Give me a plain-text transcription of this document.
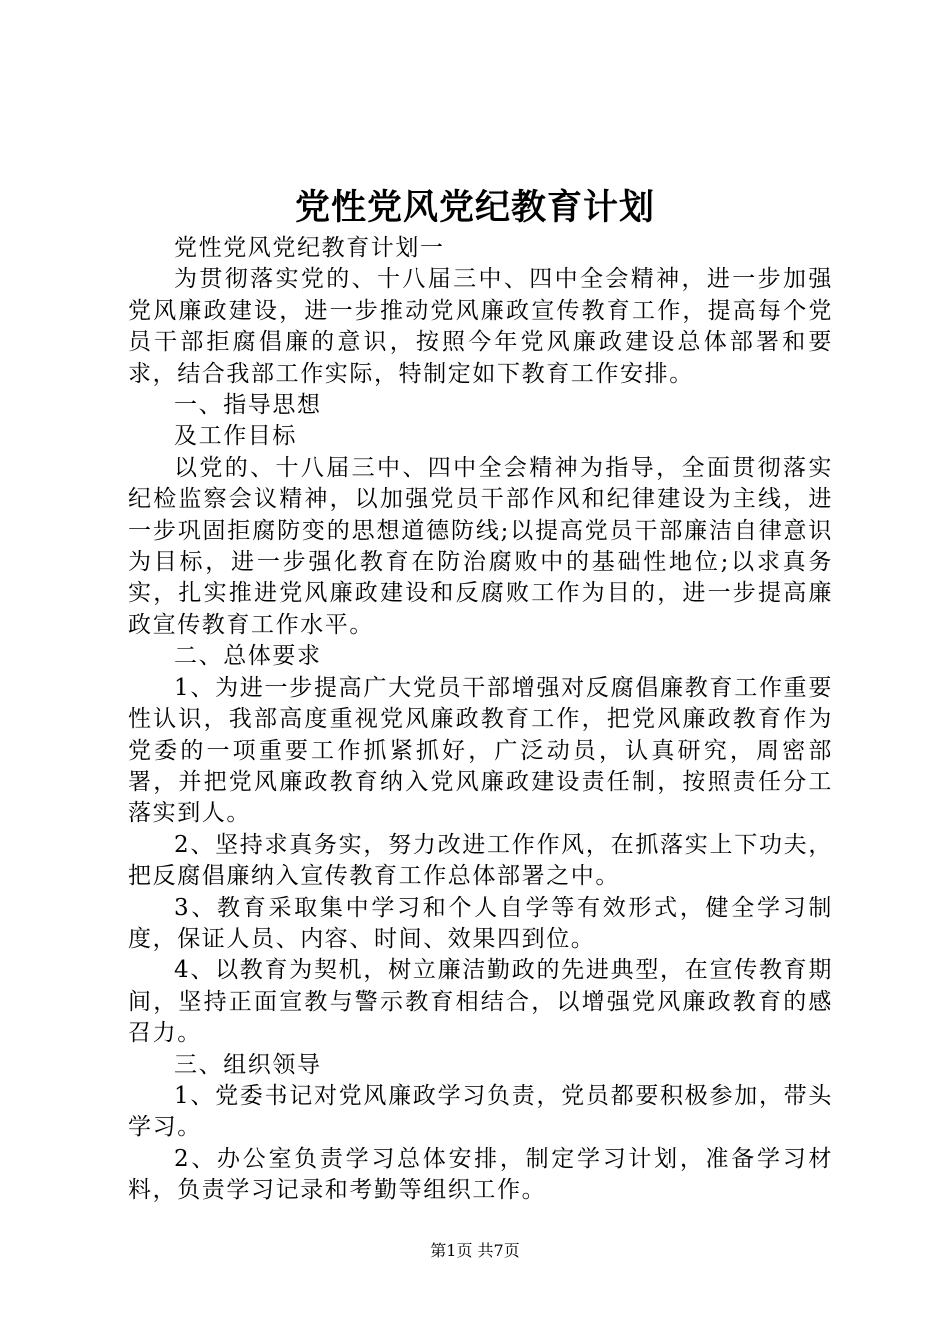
党性党风党纪教育计划

党性党风党纪教育计划一

为贯彻落实党的、十八届三中、四中全会精神，进一步加强党风廉政建设，进一步推动党风廉政宣传教育工作，提高每个党员干部拒腐倡廉的意识，按照今年党风廉政建设总体部署和要求，结合我部工作实际，特制定如下教育工作安排。

一、指导思想

及工作目标

以党的、十八届三中、四中全会精神为指导，全面贯彻落实纪检监察会议精神，以加强党员干部作风和纪律建设为主线，进一步巩固拒腐防变的思想道德防线;以提高党员干部廉洁自律意识为目标，进一步强化教育在防治腐败中的基础性地位;以求真务实，扎实推进党风廉政建设和反腐败工作为目的，进一步提高廉政宣传教育工作水平。

二、总体要求

1、为进一步提高广大党员干部增强对反腐倡廉教育工作重要性认识，我部高度重视党风廉政教育工作，把党风廉政教育作为党委的一项重要工作抓紧抓好，广泛动员，认真研究，周密部署，并把党风廉政教育纳入党风廉政建设责任制，按照责任分工落实到人。

2、坚持求真务实，努力改进工作作风，在抓落实上下功夫，把反腐倡廉纳入宣传教育工作总体部署之中。

3、教育采取集中学习和个人自学等有效形式，健全学习制度，保证人员、内容、时间、效果四到位。

4、以教育为契机，树立廉洁勤政的先进典型，在宣传教育期间，坚持正面宣教与警示教育相结合，以增强党风廉政教育的感召力。

三、组织领导

1、党委书记对党风廉政学习负责，党员都要积极参加，带头学习。

2、办公室负责学习总体安排，制定学习计划，准备学习材料，负责学习记录和考勤等组织工作。

第1页 共7页
